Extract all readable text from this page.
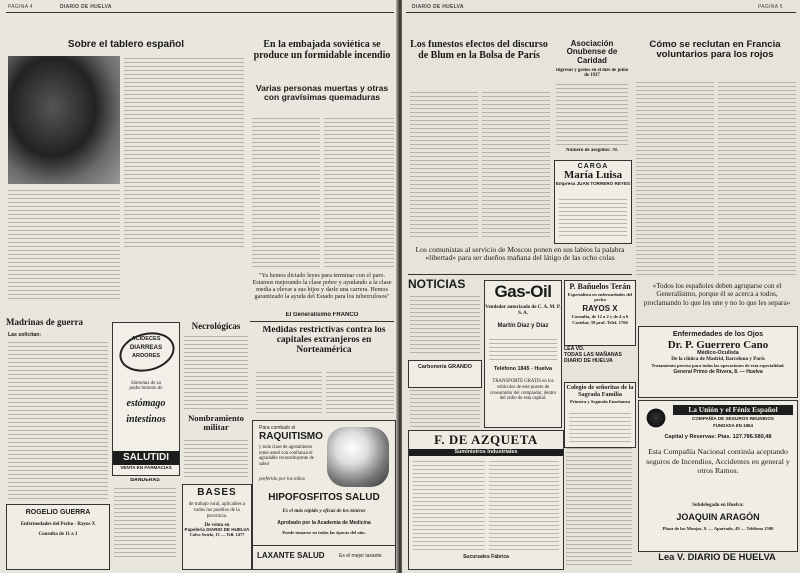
PAGINA 4	DIARIO DE HUELVA
Sobre el tablero español	En la embajada soviética se produce un formidable incendio
Varias personas muertas y otras con gravísimas quemaduras
"Ya hemos dictado leyes para terminar con el paro. Estamos mejorando la clase pobre y ayudando a la clase media a elevar a sus hijos y darle una carrera. Hemos garantizado la ayuda del Estado para los tuberculosos"
El Generalísimo FRANCO
Madrinas de guerra
Las solicitan:
ACIDECES
DIARREAS
ARDORES
Sintomas de su padecimiento de
estómago
intestinos
SALUTIDI
VENTA EN FARMACIAS
Necrológicas
Nombramiento militar
Medidas restrictivas contra los capitales extranjeros en Norteamérica
Para combatir el
RAQUITISMO
y toda clase de agotamiento tome usted con confianza el agradable reconstituyente de sabor
preferido por los niños
HIPOFOSFITOS SALUD
Es el más rápido y eficaz de los tónicos
Aprobado por la Academia de Medicina
Puede tomarse en todas las épocas del año.
LAXANTE SALUD	Es el mejor laxante.
BASES
de trabajo rural, aplicables a todos los pueblos de la provincia.
De venta en
Papelería DIARIO DE HUELVA
Calvo Sotelo, 15 — Telf. 1477
BANDERAS
ROGELIO GUERRA
Enfermedades del Pecho - Rayos X
Consulta de 11 a 1
DIARIO DE HUELVA	PAGINA 5
Los funestos efectos del discurso de Blum en la Bolsa de París
Asociación Onubense de Caridad
Ingresos y gastos en el mes de junio de 1937
Número de asogidos: 70.
CARGA
María Luisa
Empresa JUAN TORRERO REYES
Cómo se reclutan en Francia voluntarios para los rojos
Los comunistas al servicio de Moscou ponen en sus labios la palabra «libertad» para ser dueños mañana del látigo de las ocho colas
NOTICIAS
Carbonería GRANDO
Gas-Oil
Vendedor autorizado de C. A. M. P. S. A.
Martín Díaz y Díaz
Teléfono 1845 - Huelva
TRANSPORTE GRATIS en los vehículos de este puesto de consumidor del comprador, dentro del radio de esta capital.
P. Bañuelos Terán
Especialista en enfermedades del pecho
RAYOS X
Consulta, de 12 a 2 y de 4 a 6
Castelar, 39 pral. Telef. 1766
LEA VD.
TODAS LAS MAÑANAS
DIARIO DE HUELVA
Colegio de señoritas de la Sagrada Familia
Primera y Segunda Enseñanza
F. DE AZQUETA
Suministros Industriales
Sucursales Fábrica
«Todos los españoles deben agruparse con el Generalísimo, porque él se acerca a todos, proclamando lo que les une y no lo que les separa»
Enfermedades de los Ojos
Dr. P. Guerrero Cano
Médico-Oculista
De la clínica de Madrid, Barcelona y París
Tratamiento preciso para todas las operaciones de esta especialidad.
General Primo de Rivera, 8. — Huelva
La Unión y el Fénix Español
COMPAÑÍA DE SEGUROS REUNIDOS
FUNDADA EN 1864
Capital y Reservas: Ptas. 127.786.580,48
Esta Compañía Nacional continúa aceptando seguros de Incendios, Accidentes en general y otros Ramos.
Subdelegado en Huelva:
JOAQUIN ARAGÓN
Plaza de las Monjas, 9. — Apartado, 49 — Teléfono 1500
Lea V. DIARIO DE HUELVA
